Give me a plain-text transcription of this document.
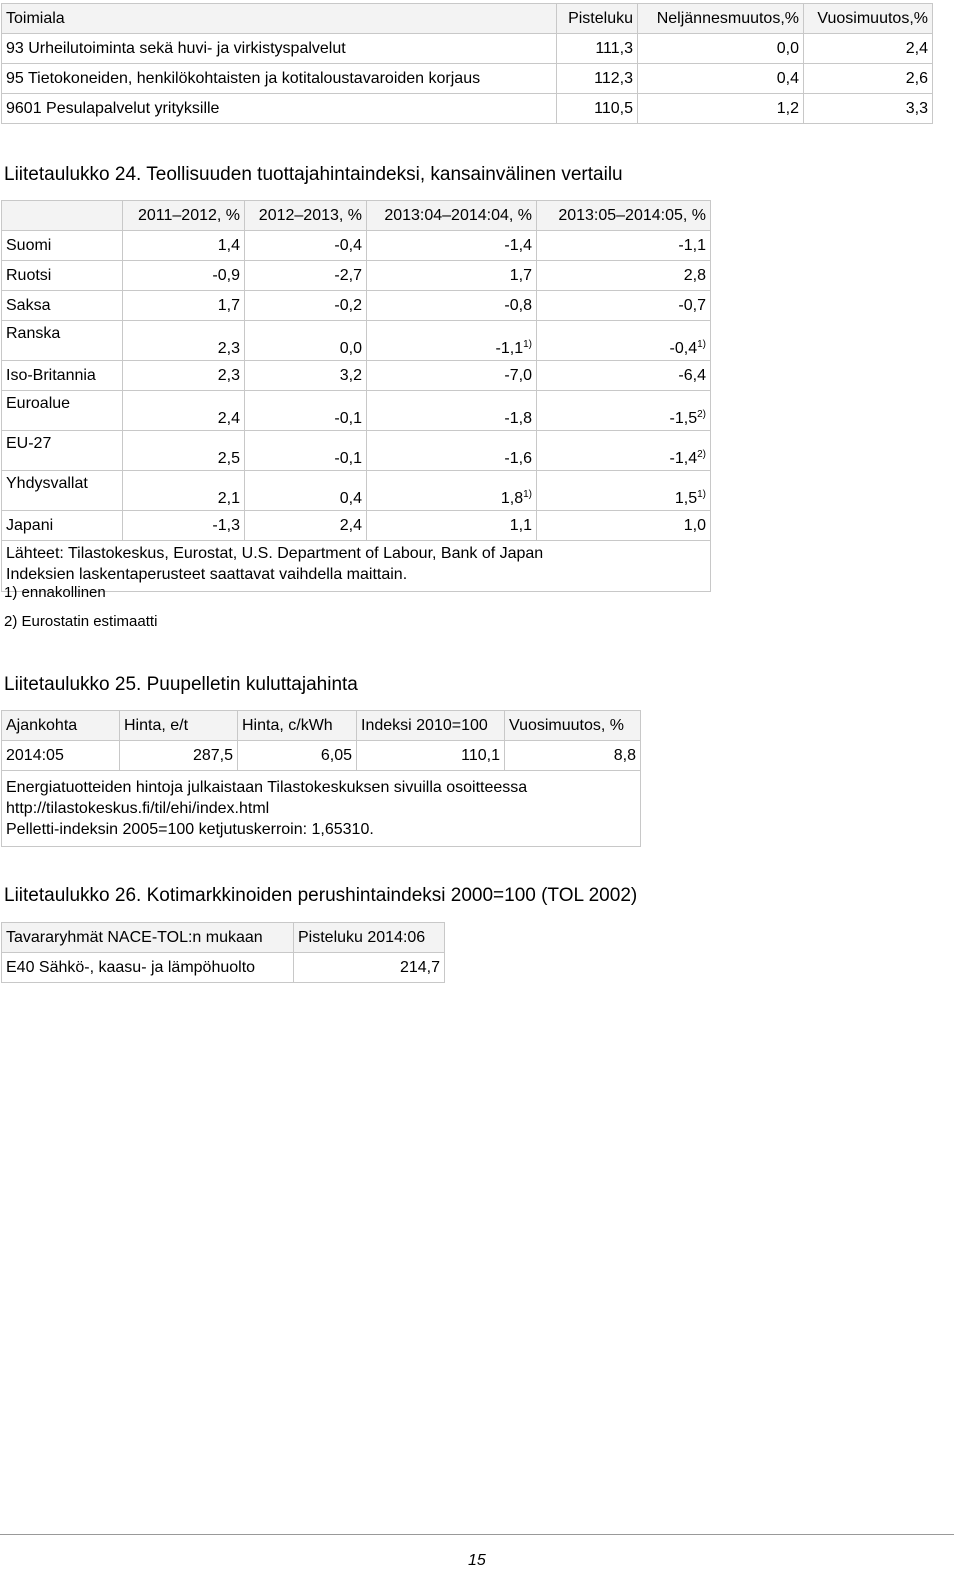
Toimiala	Pisteluku	Neljännesmuutos,%	Vuosimuutos,%
93 Urheilutoiminta sekä huvi- ja virkistyspalvelut	111,3	0,0	2,4
95 Tietokoneiden, henkilökohtaisten ja kotitaloustavaroiden korjaus	112,3	0,4	2,6
9601 Pesulapalvelut yrityksille	110,5	1,2	3,3
Liitetaulukko 24. Teollisuuden tuottajahintaindeksi, kansainvälinen vertailu
	2011–2012, %	2012–2013, %	2013:04–2014:04, %	2013:05–2014:05, %
Suomi	1,4	-0,4	-1,4	-1,1
Ruotsi	-0,9	-2,7	1,7	2,8
Saksa	1,7	-0,2	-0,8	-0,7
Ranska	2,3	0,0	-1,1$^{1)}$	-0,4$^{1)}$
Iso-Britannia	2,3	3,2	-7,0	-6,4
Euroalue	2,4	-0,1	-1,8	-1,5$^{2)}$
EU-27	2,5	-0,1	-1,6	-1,4$^{2)}$
Yhdysvallat	2,1	0,4	1,8$^{1)}$	1,5$^{1)}$
Japani	-1,3	2,4	1,1	1,0

Lähteet: Tilastokeskus, Eurostat, U.S. Department of Labour, Bank of Japan
Indeksien laskentaperusteet saattavat vaihdella maittain.				
1) ennakollinen
2) Eurostatin estimaatti
Liitetaulukko 25. Puupelletin kuluttajahinta
Ajankohta	Hinta, e/t	Hinta, c/kWh	Indeksi 2010=100	Vuosimuutos, %
2014:05	287,5	6,05	110,1	8,8

Energiatuotteiden hintoja julkaistaan Tilastokeskuksen sivuilla osoitteessa
http://tilastokeskus.fi/til/ehi/index.html
Pelletti-indeksin 2005=100 ketjutuskerroin: 1,65310.				
Liitetaulukko 26. Kotimarkkinoiden perushintaindeksi 2000=100 (TOL 2002)
Tavararyhmät NACE-TOL:n mukaan	Pisteluku 2014:06
E40 Sähkö-, kaasu- ja lämpöhuolto	214,7
15
